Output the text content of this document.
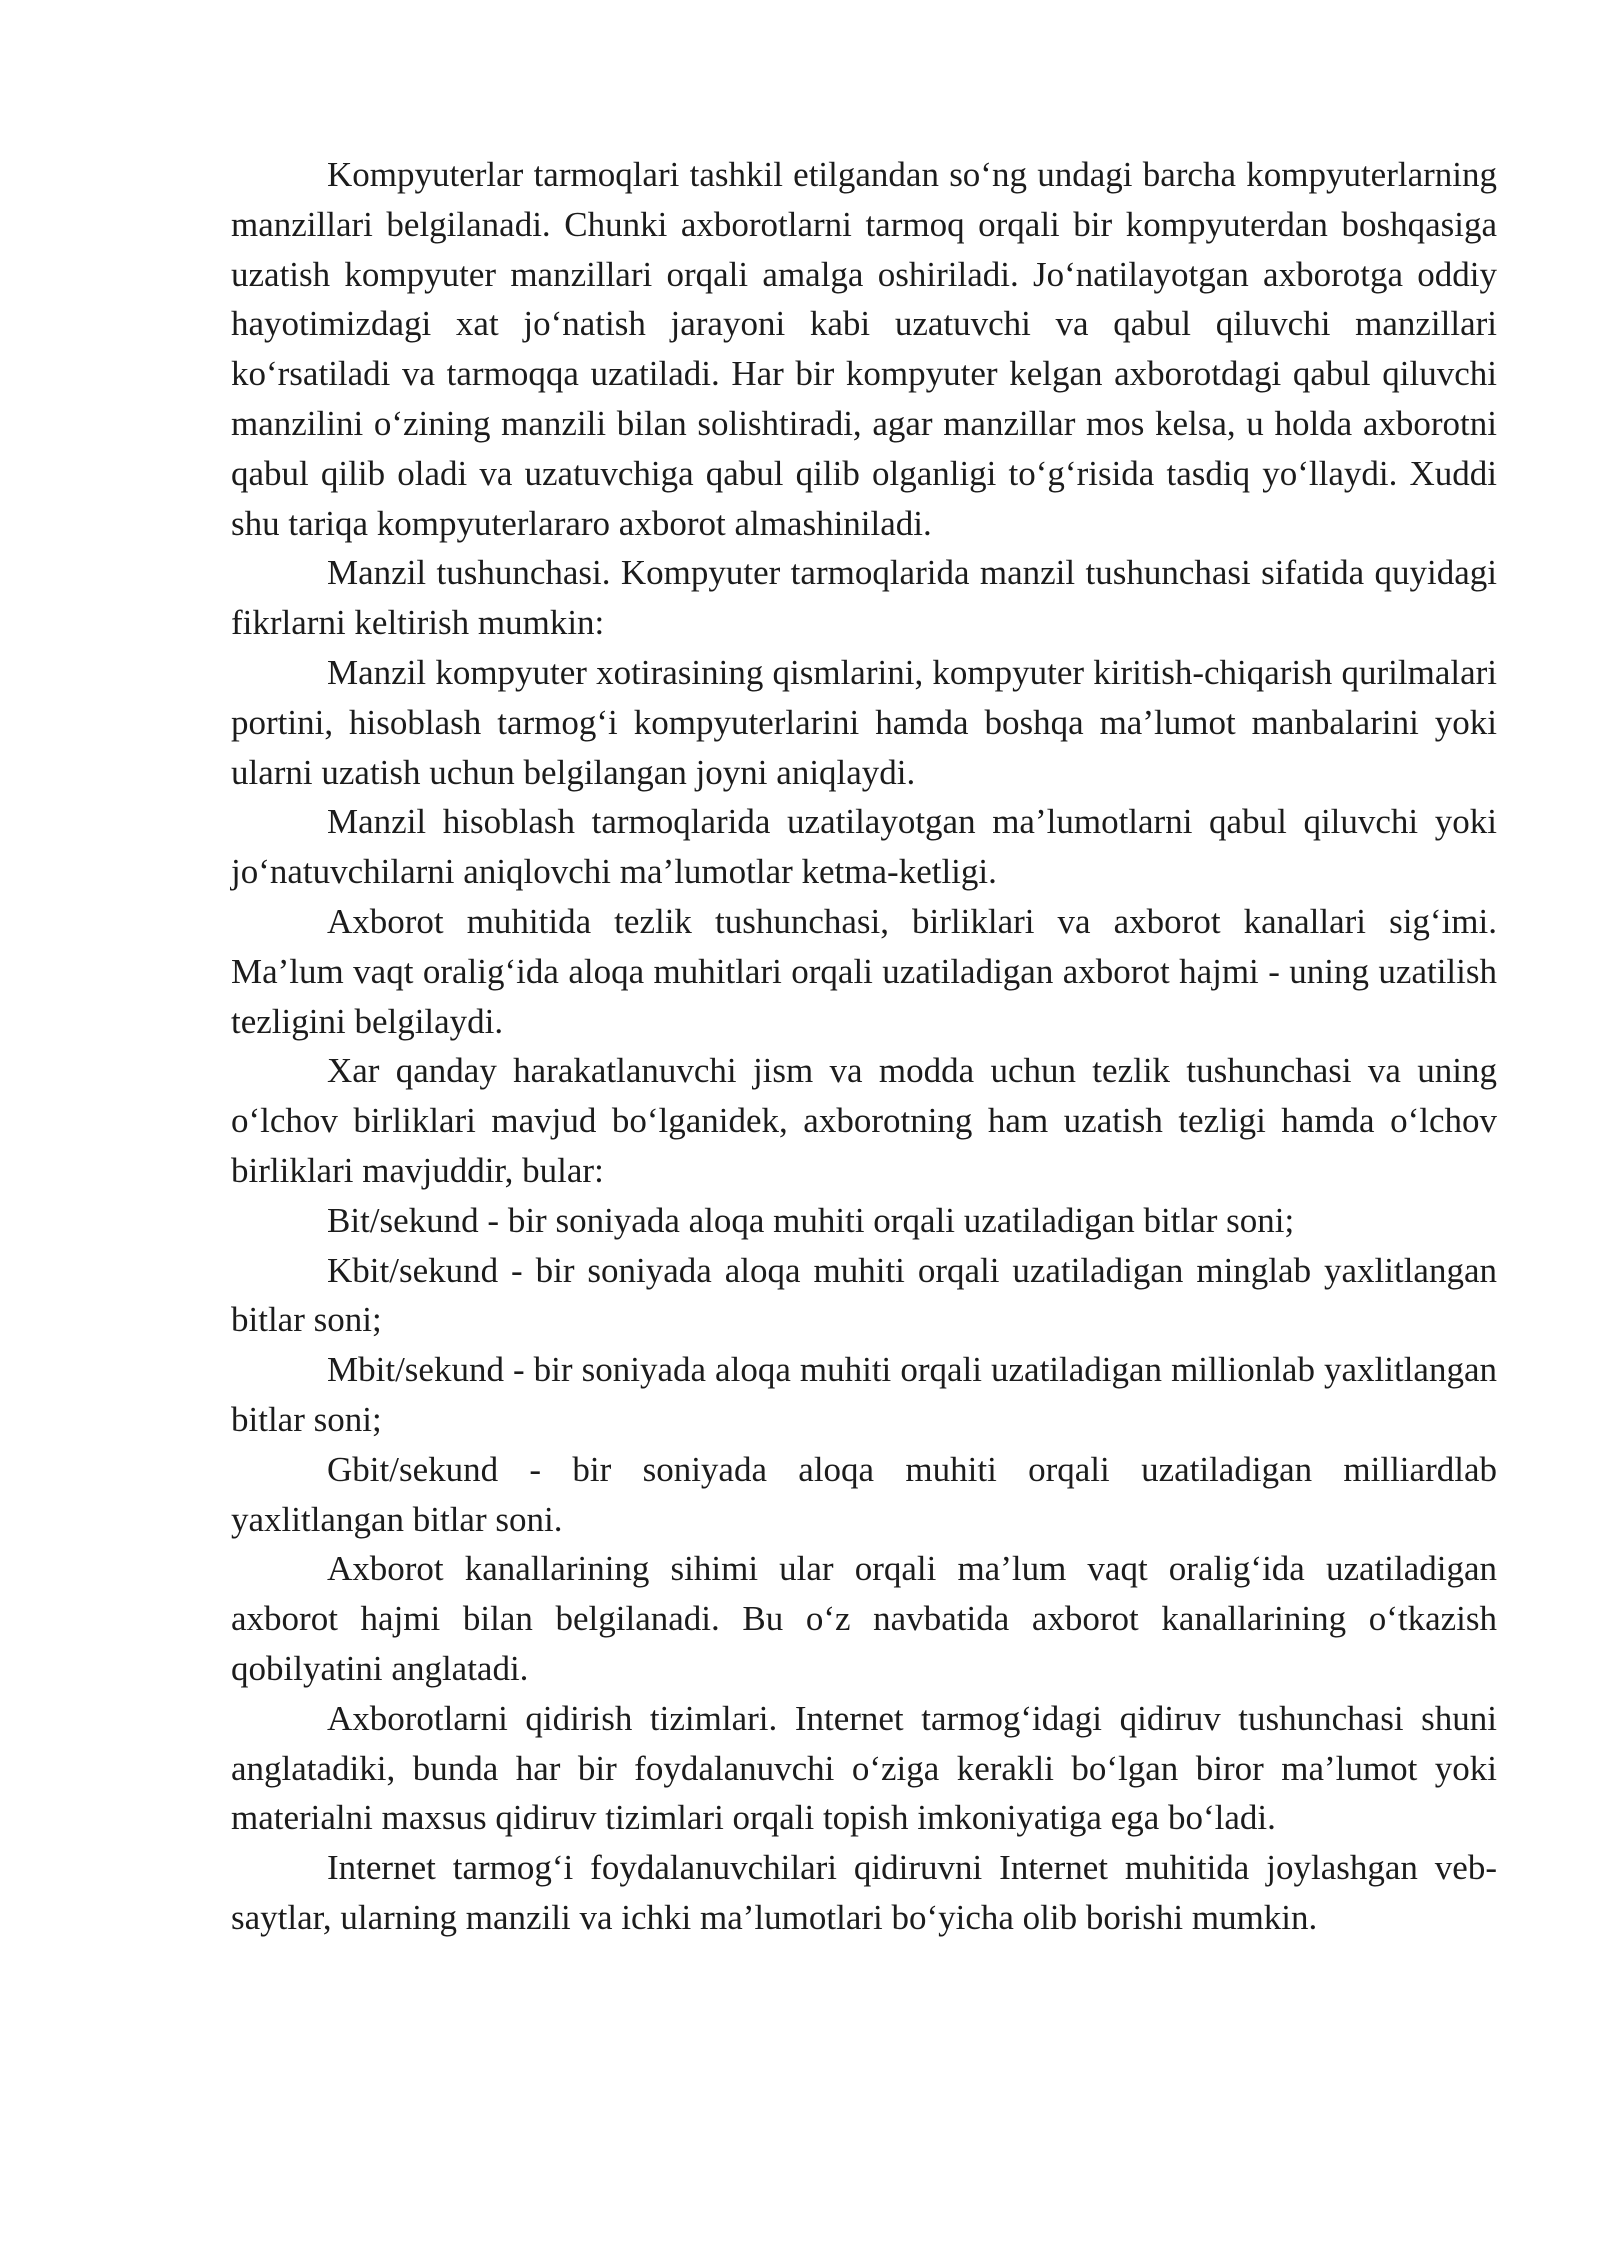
Kompyuterlar tarmoqlari tashkil etilgandan so‘ng undagi barcha kompyuterlarning manzillari belgilanadi. Chunki axborotlarni tarmoq orqali bir kompyuterdan boshqasiga uzatish kompyuter manzillari orqali amalga oshiriladi. Jo‘natilayotgan axborotga oddiy hayotimizdagi xat jo‘natish jarayoni kabi uzatuvchi va qabul qiluvchi manzillari ko‘rsatiladi va tarmoqqa uzatiladi. Har bir kompyuter kelgan axborotdagi qabul qiluvchi manzilini o‘zining manzili bilan solishtiradi, agar manzillar mos kelsa, u holda axborotni qabul qilib oladi va uzatuvchiga qabul qilib olganligi to‘g‘risida tasdiq yo‘llaydi. Xuddi shu tariqa kompyuterlararo axborot almashiniladi.

Manzil tushunchasi. Kompyuter tarmoqlarida manzil tushunchasi sifatida quyidagi fikrlarni keltirish mumkin:

Manzil kompyuter xotirasining qismlarini, kompyuter kiritish-chiqarish qurilmalari portini, hisoblash tarmog‘i kompyuterlarini hamda boshqa ma’lumot manbalarini yoki ularni uzatish uchun belgilangan joyni aniqlaydi.

Manzil hisoblash tarmoqlarida uzatilayotgan ma’lumotlarni qabul qiluvchi yoki jo‘natuvchilarni aniqlovchi ma’lumotlar ketma-ketligi.

Axborot muhitida tezlik tushunchasi, birliklari va axborot kanallari sig‘imi. Ma’lum vaqt oralig‘ida aloqa muhitlari orqali uzatiladigan axborot hajmi - uning uzatilish tezligini belgilaydi.

Xar qanday harakatlanuvchi jism va modda uchun tezlik tushunchasi va uning o‘lchov birliklari mavjud bo‘lganidek, axborotning ham uzatish tezligi hamda o‘lchov birliklari mavjuddir, bular:

Bit/sekund - bir soniyada aloqa muhiti orqali uzatiladigan bitlar soni;

Kbit/sekund - bir soniyada aloqa muhiti orqali uzatiladigan minglab yaxlitlangan bitlar soni;

Mbit/sekund - bir soniyada aloqa muhiti orqali uzatiladigan millionlab yaxlitlangan bitlar soni;

Gbit/sekund - bir soniyada aloqa muhiti orqali uzatiladigan milliardlab yaxlitlangan bitlar soni.

Axborot kanallarining sihimi ular orqali ma’lum vaqt oralig‘ida uzatiladigan axborot hajmi bilan belgilanadi. Bu o‘z navbatida axborot kanallarining o‘tkazish qobilyatini anglatadi.

Axborotlarni qidirish tizimlari. Internet tarmog‘idagi qidiruv tushunchasi shuni anglatadiki, bunda har bir foydalanuvchi o‘ziga kerakli bo‘lgan biror ma’lumot yoki materialni maxsus qidiruv tizimlari orqali topish imkoniyatiga ega bo‘ladi.

Internet tarmog‘i foydalanuvchilari qidiruvni Internet muhitida joylashgan veb- saytlar, ularning manzili va ichki ma’lumotlari bo‘yicha olib borishi mumkin.
